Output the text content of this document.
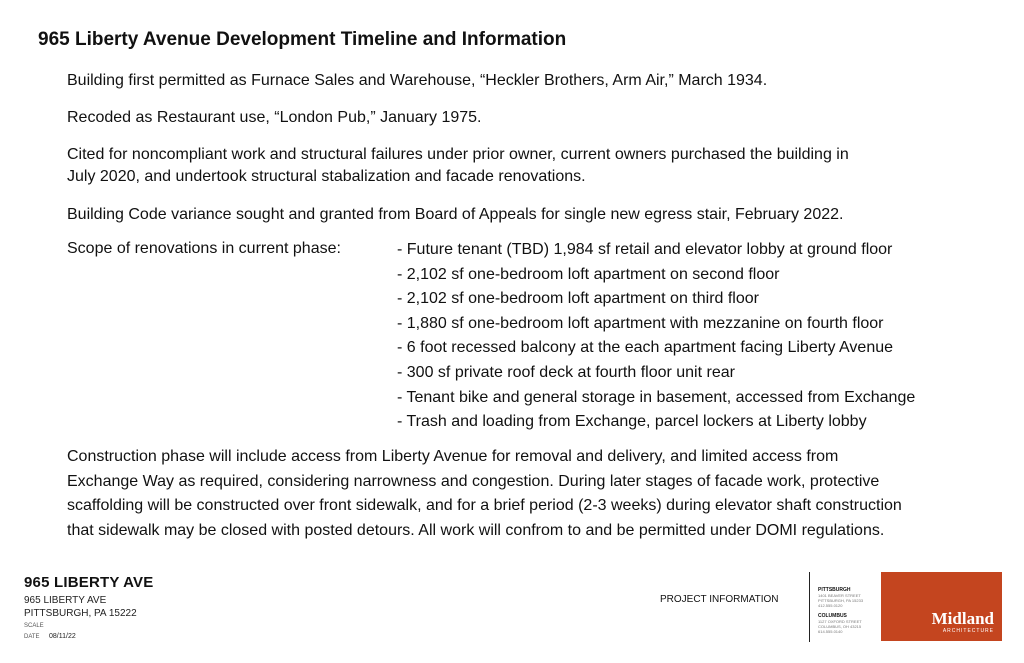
965 Liberty Avenue Development Timeline and Information
Building first permitted as Furnace Sales and Warehouse, “Heckler Brothers, Arm Air,” March 1934.
Recoded as Restaurant use, “London Pub,” January 1975.
Cited for noncompliant work and structural failures under prior owner, current owners purchased the building in
July 2020, and undertook structural stabalization and facade renovations.
Building Code variance sought and granted from Board of Appeals for single new egress stair, February 2022.
Scope of renovations in current phase:
-	Future tenant (TBD) 1,984 sf retail and elevator lobby at ground floor
- 2,102 sf one-bedroom loft apartment on second floor
- 2,102 sf one-bedroom loft apartment on third floor
- 1,880 sf one-bedroom loft apartment with mezzanine on fourth floor
- 6 foot recessed balcony at the each apartment facing Liberty Avenue
- 300 sf private roof deck at fourth floor unit rear
- Tenant bike and general storage in basement, accessed from Exchange
- Trash and loading from Exchange, parcel lockers at Liberty lobby
Construction phase will include access from Liberty Avenue for removal and delivery, and limited access from
Exchange Way as required, considering narrowness and congestion. During later stages of facade work, protective
scaffolding will be constructed over front sidewalk, and for a brief period (2-3 weeks) during elevator shaft construction
that sidewalk may be closed with posted detours. All work will confrom to and be permitted under DOMI regulations.
965 LIBERTY AVE
965 LIBERTY AVE
PITTSBURGH, PA 15222
SCALE
DATE 08/11/22
PROJECT INFORMATION
PITTSBURGH
1401 BEAVER STREET
PITTSBURGH, PA 15233
412.555.0120
COLUMBUS
1127 OXFORD STREET
COLUMBUS, OH 43215
614.555.0140
Midland
ARCHITECTURE
